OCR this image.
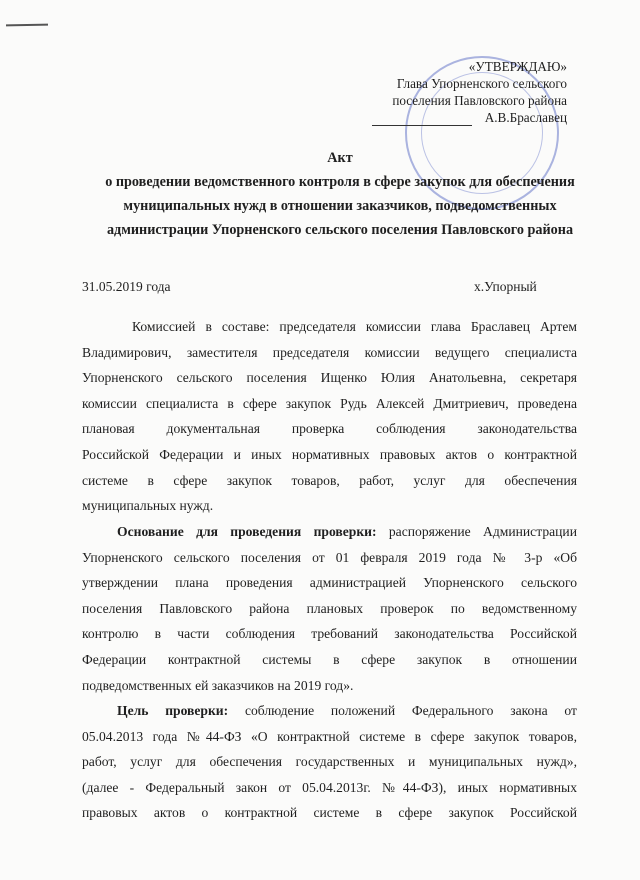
«УТВЕРЖДАЮ»
Глава Упорненского сельского
поселения Павловского района
А.В.Браславец
Акт
о проведении ведомственного контроля в сфере закупок для обеспечения
муниципальных нужд в отношении заказчиков, подведомственных
администрации Упорненского сельского поселения Павловского района
31.05.2019 года	х.Упорный
Комиссией в составе: председателя комиссии глава Браславец Артем
Владимирович, заместителя председателя комиссии ведущего специалиста
Упорненского сельского поселения Ищенко Юлия Анатольевна, секретаря
комиссии специалиста в сфере закупок Рудь Алексей Дмитриевич, проведена
плановая документальная проверка соблюдения законодательства
Российской Федерации и иных нормативных правовых актов о контрактной
системе в сфере закупок товаров, работ, услуг для обеспечения
муниципальных нужд.
Основание для проведения проверки: распоряжение Администрации
Упорненского сельского поселения от 01 февраля 2019 года № 3-р «Об
утверждении плана проведения администрацией Упорненского сельского
поселения Павловского района плановых проверок по ведомственному
контролю в части соблюдения требований законодательства Российской
Федерации контрактной системы в сфере закупок в отношении
подведомственных ей заказчиков на 2019 год».
Цель проверки: соблюдение положений Федерального закона от
05.04.2013 года №44-ФЗ «О контрактной системе в сфере закупок товаров,
работ, услуг для обеспечения государственных и муниципальных нужд»,
(далее - Федеральный закон от 05.04.2013г. №44-ФЗ), иных нормативных
правовых актов о контрактной системе в сфере закупок Российской
